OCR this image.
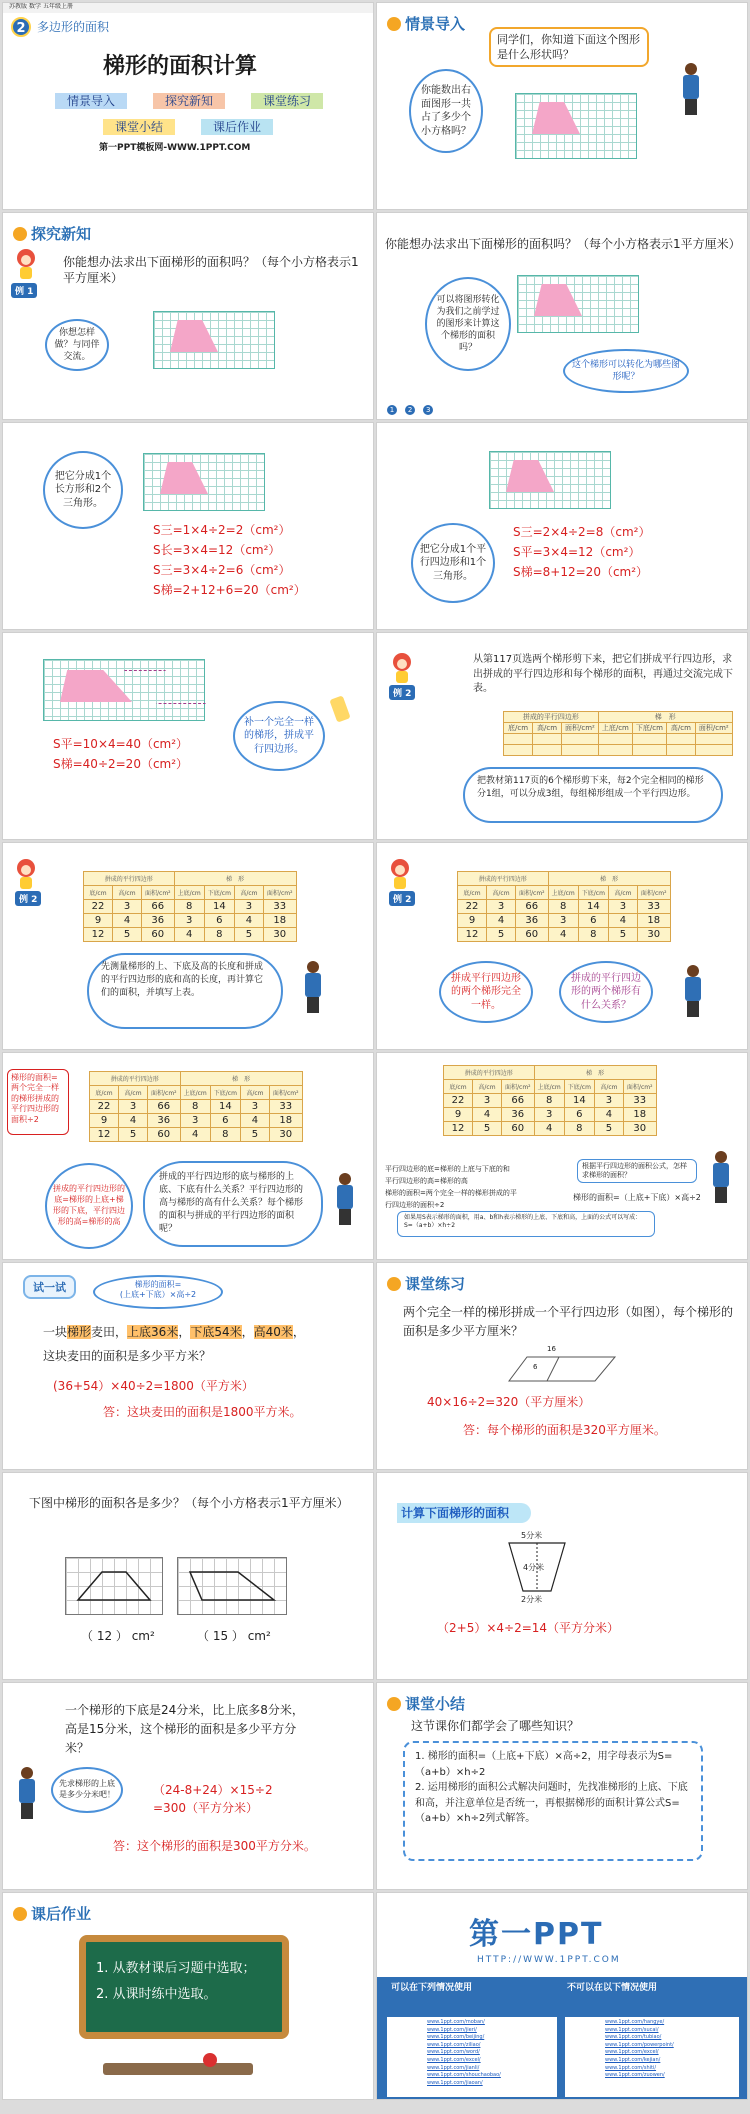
苏教版 数学 五年级 上册
2 多边形的面积
梯形的面积计算
情景导入	探究新知	课堂练习
课堂小结	课后作业
第一PPT模板网-WWW.1PPT.COM
情景导入
同学们，你知道下面这个图形是什么形状吗？
你能数出右面图形一共占了多少个小方格吗？
探究新知
例 1
你能想办法求出下面梯形的面积吗？（每个小方格表示1平方厘米）
你想怎样做？与同伴交流。
你能想办法求出下面梯形的面积吗？（每个小方格表示1平方厘米）
可以将图形转化为我们之前学过的图形来计算这个梯形的面积吗？
这个梯形可以转化为哪些图形呢？
1 2 3
把它分成1个长方形和2个三角形。
S三=1×4÷2=2（cm²）
S长=3×4=12（cm²）
S三=3×4÷2=6（cm²）
S梯=2+12+6=20（cm²）
把它分成1个平行四边形和1个三角形。
S三=2×4÷2=8（cm²）
S平=3×4=12（cm²）
S梯=8+12=20（cm²）
S平=10×4=40（cm²）
S梯=40÷2=20（cm²）
补一个完全一样的梯形，拼成平行四边形。
例 2
从第117页选两个梯形剪下来，把它们拼成平行四边形，求出拼成的平行四边形和每个梯形的面积，再通过交流完成下表。
拼成的平行四边形			梯　形			
底/cm	高/cm	面积/cm²	上底/cm	下底/cm	高/cm	面积/cm²

把教材第117页的6个梯形剪下来，每2个完全相同的梯形分1组，可以分成3组，每组梯形组成一个平行四边形。
例 2
拼成的平行四边形			梯　形			
底/cm	高/cm	面积/cm²	上底/cm	下底/cm	高/cm	面积/cm²
22	3	66	8	14	3	33
9	4	36	3	6	4	18
12	5	60	4	8	5	30
先测量梯形的上、下底及高的长度和拼成的平行四边形的底和高的长度，再计算它们的面积，并填写上表。
例 2
拼成的平行四边形			梯　形			
底/cm	高/cm	面积/cm²	上底/cm	下底/cm	高/cm	面积/cm²
22	3	66	8	14	3	33
9	4	36	3	6	4	18
12	5	60	4	8	5	30
拼成平行四边形的两个梯形完全一样。
拼成的平行四边形的两个梯形有什么关系？
梯形的面积=两个完全一样的梯形拼成的平行四边形的面积÷2
拼成的平行四边形			梯　形			
底/cm	高/cm	面积/cm²	上底/cm	下底/cm	高/cm	面积/cm²
22	3	66	8	14	3	33
9	4	36	3	6	4	18
12	5	60	4	8	5	30
拼成的平行四边形的底=梯形的上底+梯形的下底，平行四边形的高=梯形的高
拼成的平行四边形的底与梯形的上底、下底有什么关系？平行四边形的高与梯形的高有什么关系？每个梯形的面积与拼成的平行四边形的面积呢？
拼成的平行四边形			梯　形			
底/cm	高/cm	面积/cm²	上底/cm	下底/cm	高/cm	面积/cm²
22	3	66	8	14	3	33
9	4	36	3	6	4	18
12	5	60	4	8	5	30
平行四边形的底=梯形的上底与下底的和
平行四边形的高=梯形的高
梯形的面积=两个完全一样的梯形拼成的平
行四边形的面积÷2
根据平行四边形的面积公式，怎样求梯形的面积？
梯形的面积=（上底+下底）×高÷2
如果用S表示梯形的面积，用a、b和h表示梯形的上底、下底和高，上面的公式可以写成：S=（a+b）×h÷2
试一试	梯形的面积=
(上底+下底）×高÷2
一块梯形麦田，上底36米，下底54米，高40米，
这块麦田的面积是多少平方米？
(36+54）×40÷2=1800（平方米）
答：这块麦田的面积是1800平方米。
课堂练习
两个完全一样的梯形拼成一个平行四边形（如图），每个梯形的面积是多少平方厘米？
6
16
40×16÷2=320（平方厘米）
答：每个梯形的面积是320平方厘米。
下图中梯形的面积各是多少？（每个小方格表示1平方厘米）
（ 12 ） cm²	（ 15 ） cm²
计算下面梯形的面积
5分米
4分米
2分米
（2+5）×4÷2=14（平方分米）
一个梯形的下底是24分米，比上底多8分米，高是15分米，这个梯形的面积是多少平方分米？
先求梯形的上底是多少分米吧！	（24-8+24）×15÷2
=300（平方分米）
答：这个梯形的面积是300平方分米。
课堂小结
这节课你们都学会了哪些知识？
1. 梯形的面积=（上底+下底）×高÷2，用字母表示为S=（a+b）×h÷2
2. 运用梯形的面积公式解决问题时，先找准梯形的上底、下底和高，并注意单位是否统一，再根据梯形的面积计算公式S=（a+b）×h÷2列式解答。
课后作业
1. 从教材课后习题中选取；
2. 从课时练中选取。
第一PPT
HTTP://WWW.1PPT.COM
可以在下列情况使用	不可以在以下情况使用
www.1ppt.com/moban/
www.1ppt.com/jieri/
www.1ppt.com/beijing/
www.1ppt.com/ziliao/
www.1ppt.com/word/
www.1ppt.com/excel/
www.1ppt.com/jianli/
www.1ppt.com/shouchaobao/
www.1ppt.com/jiaoan/
www.1ppt.com/hangye/
www.1ppt.com/sucai/
www.1ppt.com/tubiao/
www.1ppt.com/powerpoint/
www.1ppt.com/excel/
www.1ppt.com/kejian/
www.1ppt.com/shiti/
www.1ppt.com/zuowen/
